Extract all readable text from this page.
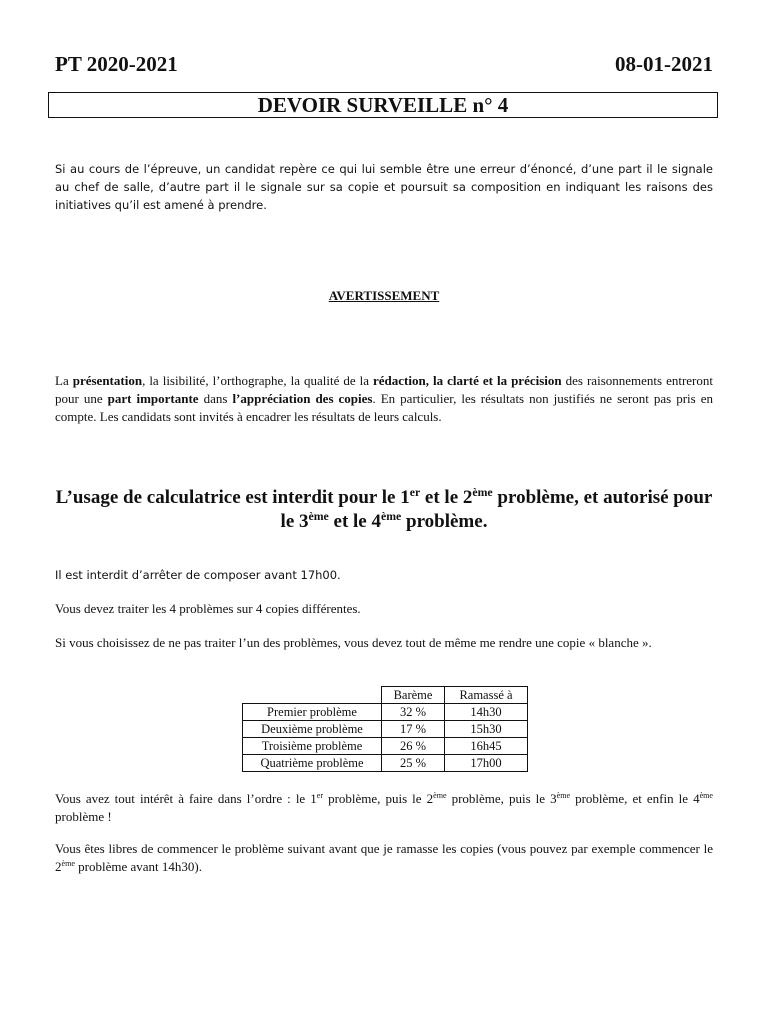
PT 2020-2021	08-01-2021
DEVOIR SURVEILLE n° 4

Si au cours de l’épreuve, un candidat repère ce qui lui semble être une erreur d’énoncé, d’une part il le signale au chef de salle, d’autre part il le signale sur sa copie et poursuit sa composition en indiquant les raisons des initiatives qu’il est amené à prendre.

AVERTISSEMENT

La présentation, la lisibilité, l’orthographe, la qualité de la rédaction, la clarté et la précision des raisonnements entreront pour une part importante dans l’appréciation des copies. En particulier, les résultats non justifiés ne seront pas pris en compte. Les candidats sont invités à encadrer les résultats de leurs calculs.

L’usage de calculatrice est interdit pour le 1er et le 2ème problème, et autorisé pour le 3ème et le 4ème problème.

Il est interdit d’arrêter de composer avant 17h00.

Vous devez traiter les 4 problèmes sur 4 copies différentes.

Si vous choisissez de ne pas traiter l’un des problèmes, vous devez tout de même me rendre une copie « blanche ».

	Barème	Ramassé à
Premier problème	32 %	14h30
Deuxième problème	17 %	15h30
Troisième problème	26 %	16h45
Quatrième problème	25 %	17h00

Vous avez tout intérêt à faire dans l’ordre : le 1er problème, puis le 2ème problème, puis le 3ème problème, et enfin le 4ème problème !

Vous êtes libres de commencer le problème suivant avant que je ramasse les copies (vous pouvez par exemple commencer le 2ème problème avant 14h30).
